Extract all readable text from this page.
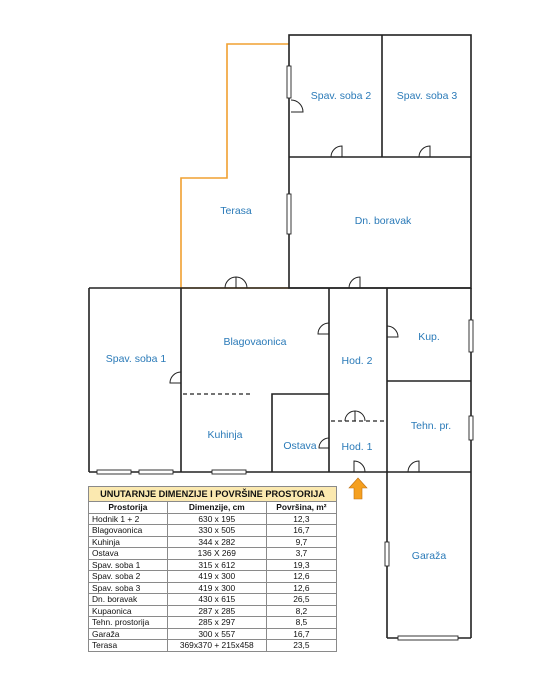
Spav. soba 2 Spav. soba 3
Terasa
Dn. boravak
Spav. soba 1
Blagovaonica
Hod. 2
Kup.
Kuhinja
Ostava Hod. 1
Tehn. pr.
Garaža
UNUTARNJE DIMENZIJE I POVRŠINE PROSTORIJA
Prostorija	Dimenzije, cm	Površina, m²
Hodnik 1 + 2	630 x 195	12,3
Blagovaonica	330 x 505	16,7
Kuhinja	344 x 282	9,7
Ostava	136 X 269	3,7
Spav. soba 1	315 x 612	19,3
Spav. soba 2	419 x 300	12,6
Spav. soba 3	419 x 300	12,6
Dn. boravak	430 x 615	26,5
Kupaonica	287 x 285	8,2
Tehn. prostorija	285 x 297	8,5
Garaža	300 x 557	16,7
Terasa	369x370 + 215x458	23,5
